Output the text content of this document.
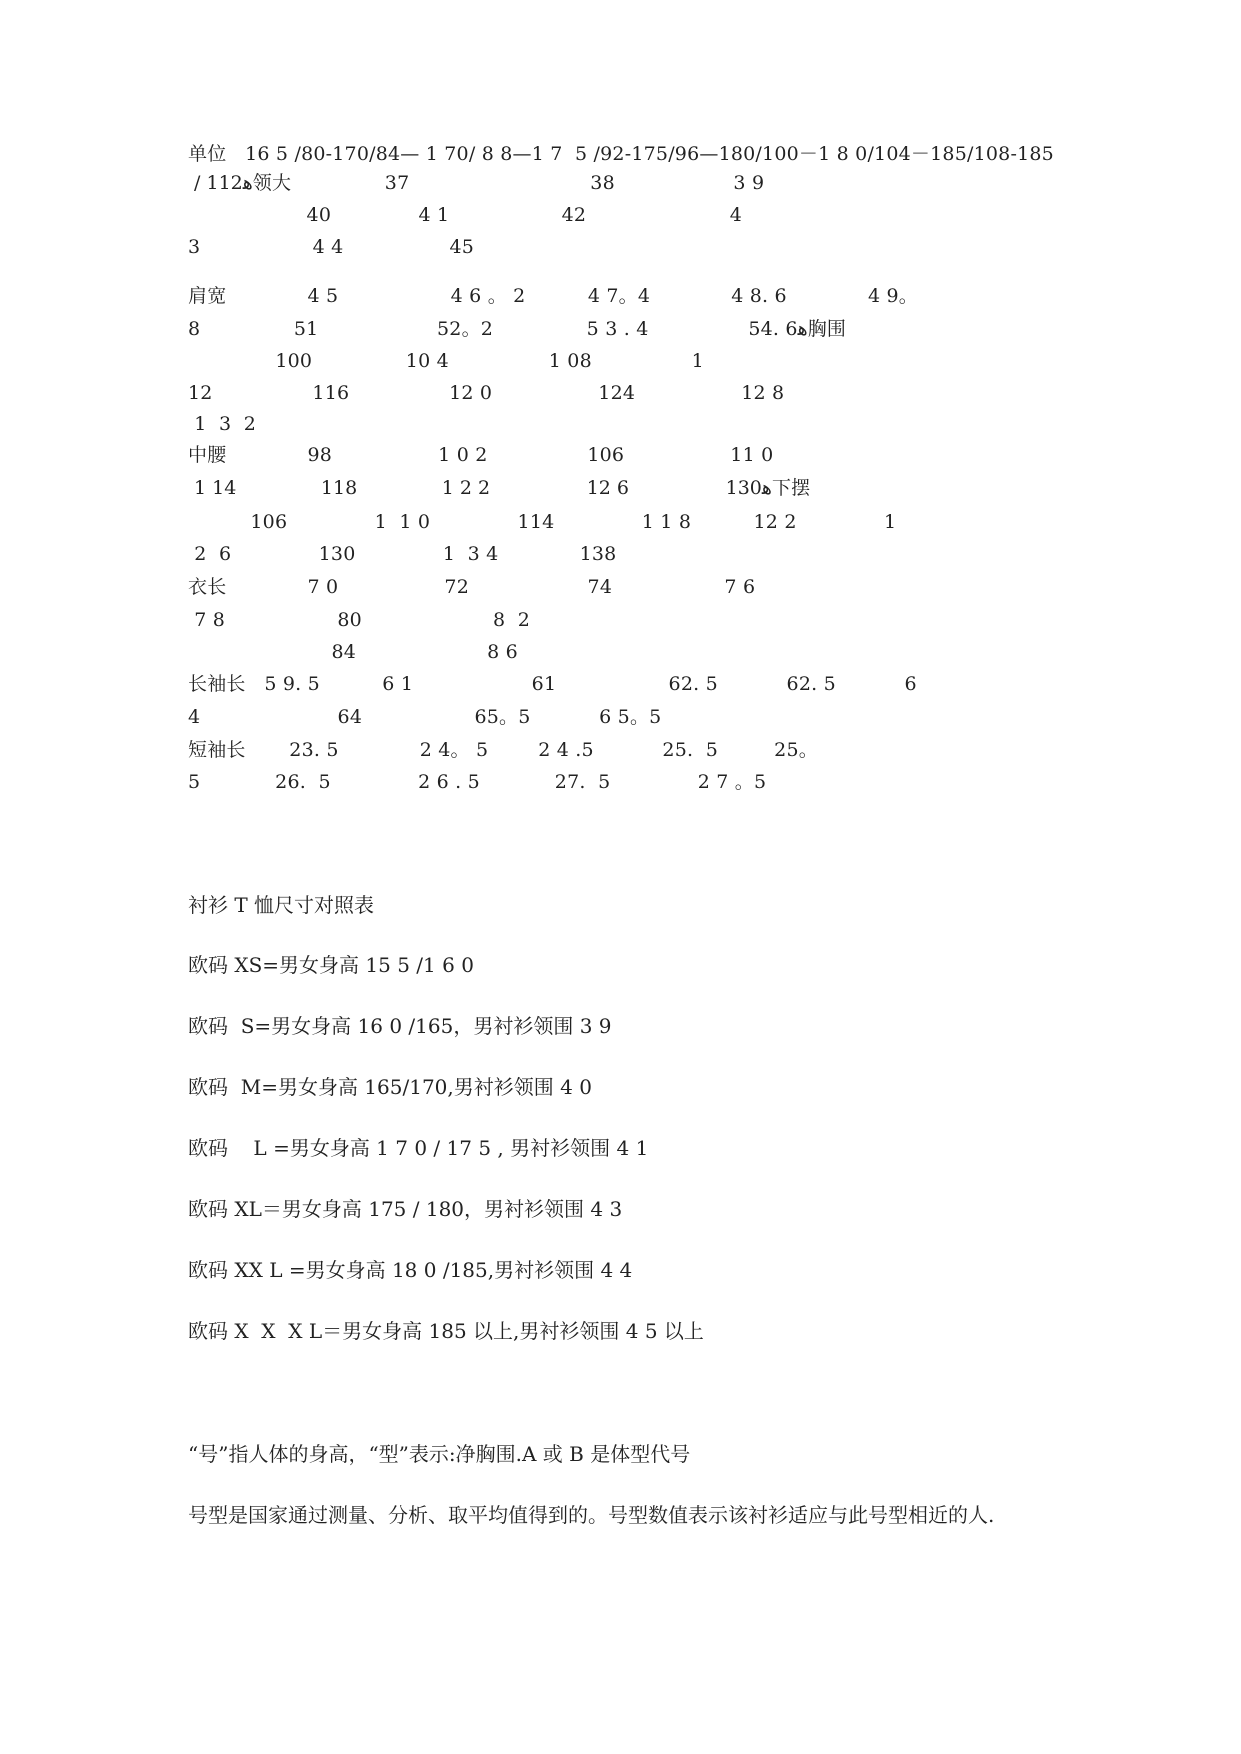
单位   16 5 /80-170/84— 1 70/ 8 8—1 7  5 /92-175/96—180/100－1 8 0/104－185/108-185
/ 112ﻫ领大               37                             38                   3 9
40              4 1                  42                       4
3                  4 4                 45
肩宽             4 5                  4 6 。 2          4 7。4             4 8. 6             4 9。
8               51                   52。2               5 3 . 4                54. 6ﻫ胸围
100               10 4                1 08                1
12                116                12 0                 124                 12 8
1  3  2
中腰             98                 1 0 2                106                 11 0
1 14              118              1 2 2                12 6                130ﻫ下摆
106              1  1 0              114              1 1 8          12 2              1
2  6              130              1  3 4             138
衣长             7 0                 72                   74                  7 6
7 8                  80                     8  2
84                     8 6
长袖长   5 9. 5          6 1                   61                  62. 5           62. 5           6
4                      64                  65。5           6 5。5
短袖长       23. 5             2 4。 5        2 4 .5           25.  5         25。
5            26.  5              2 6 . 5            27.  5              2 7 。5
衬衫 T 恤尺寸对照表
欧码 XS=男女身高 15 5 /1 6 0
欧码  S=男女身高 16 0 /165，男衬衫领围 3 9
欧码  M=男女身高 165/170,男衬衫领围 4 0
欧码    L =男女身高 1 7 0 / 17 5 , 男衬衫领围 4 1
欧码 XL＝男女身高 175 / 180，男衬衫领围 4 3
欧码 XX L =男女身高 18 0 /185,男衬衫领围 4 4
欧码 X  X  X L＝男女身高 185 以上,男衬衫领围 4 5 以上
“号”指人体的身高，“型”表示:净胸围.A 或 B 是体型代号
号型是国家通过测量、分析、取平均值得到的。号型数值表示该衬衫适应与此号型相近的人.
